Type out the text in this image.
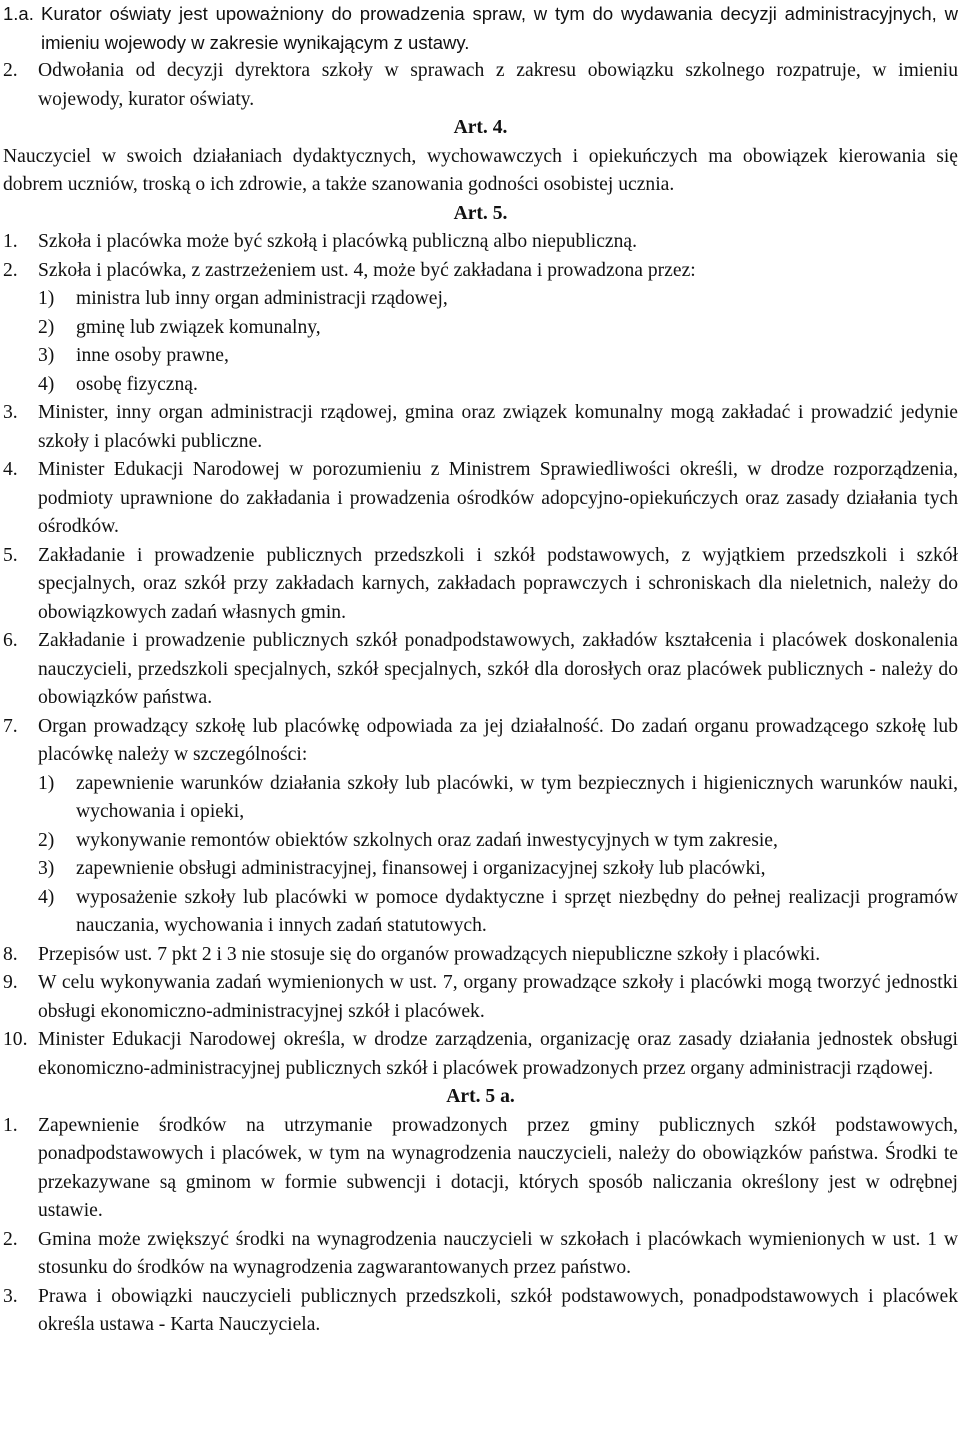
1.a. Kurator oświaty jest upoważniony do prowadzenia spraw, w tym do wydawania decyzji administracyjnych, w imieniu wojewody w zakresie wynikającym z ustawy.
2.	Odwołania od decyzji dyrektora szkoły w sprawach z zakresu obowiązku szkolnego rozpatruje, w imieniu wojewody, kurator oświaty.

Art. 4.

Nauczyciel w swoich działaniach dydaktycznych, wychowawczych i opiekuńczych ma obowiązek kierowania się dobrem uczniów, troską o ich zdrowie, a także szanowania godności osobistej ucznia.

Art. 5.

1.	Szkoła i placówka może być szkołą i placówką publiczną albo niepubliczną.
2.	Szkoła i placówka, z zastrzeżeniem ust. 4, może być zakładana i prowadzona przez:
1)	ministra lub inny organ administracji rządowej,
2)	gminę lub związek komunalny,
3)	inne osoby prawne,
4)	osobę fizyczną.
3.	Minister, inny organ administracji rządowej, gmina oraz związek komunalny mogą zakładać i prowadzić jedynie szkoły i placówki publiczne.
4.	Minister Edukacji Narodowej w porozumieniu z Ministrem Sprawiedliwości określi, w drodze rozporządzenia, podmioty uprawnione do zakładania i prowadzenia ośrodków adopcyjno-opiekuńczych oraz zasady działania tych ośrodków.
5.	Zakładanie i prowadzenie publicznych przedszkoli i szkół podstawowych, z wyjątkiem przedszkoli i szkół specjalnych, oraz szkół przy zakładach karnych, zakładach poprawczych i schroniskach dla nieletnich, należy do obowiązkowych zadań własnych gmin.
6.	Zakładanie i prowadzenie publicznych szkół ponadpodstawowych, zakładów kształcenia i placówek doskonalenia nauczycieli, przedszkoli specjalnych, szkół specjalnych, szkół dla dorosłych oraz placówek publicznych - należy do obowiązków państwa.
7.	Organ prowadzący szkołę lub placówkę odpowiada za jej działalność. Do zadań organu prowadzącego szkołę lub placówkę należy w szczególności:
1)	zapewnienie warunków działania szkoły lub placówki, w tym bezpiecznych i higienicznych warunków nauki, wychowania i opieki,
2)	wykonywanie remontów obiektów szkolnych oraz zadań inwestycyjnych w tym zakresie,
3)	zapewnienie obsługi administracyjnej, finansowej i organizacyjnej szkoły lub placówki,
4)	wyposażenie szkoły lub placówki w pomoce dydaktyczne i sprzęt niezbędny do pełnej realizacji programów nauczania, wychowania i innych zadań statutowych.
8.	Przepisów ust. 7 pkt 2 i 3 nie stosuje się do organów prowadzących niepubliczne szkoły i placówki.
9.	W celu wykonywania zadań wymienionych w ust. 7, organy prowadzące szkoły i placówki mogą tworzyć jednostki obsługi ekonomiczno-administracyjnej szkół i placówek.
10. Minister Edukacji Narodowej określa, w drodze zarządzenia, organizację oraz zasady działania jednostek obsługi ekonomiczno-administracyjnej publicznych szkół i placówek prowadzonych przez organy administracji rządowej.

Art. 5 a.

1.	Zapewnienie środków na utrzymanie prowadzonych przez gminy publicznych szkół podstawowych, ponadpodstawowych i placówek, w tym na wynagrodzenia nauczycieli, należy do obowiązków państwa. Środki te przekazywane są gminom w formie subwencji i dotacji, których sposób naliczania określony jest w odrębnej ustawie.
2.	Gmina może zwiększyć środki na wynagrodzenia nauczycieli w szkołach i placówkach wymienionych w ust. 1 w stosunku do środków na wynagrodzenia zagwarantowanych przez państwo.
3.	Prawa i obowiązki nauczycieli publicznych przedszkoli, szkół podstawowych, ponadpodstawowych i placówek określa ustawa - Karta Nauczyciela.
